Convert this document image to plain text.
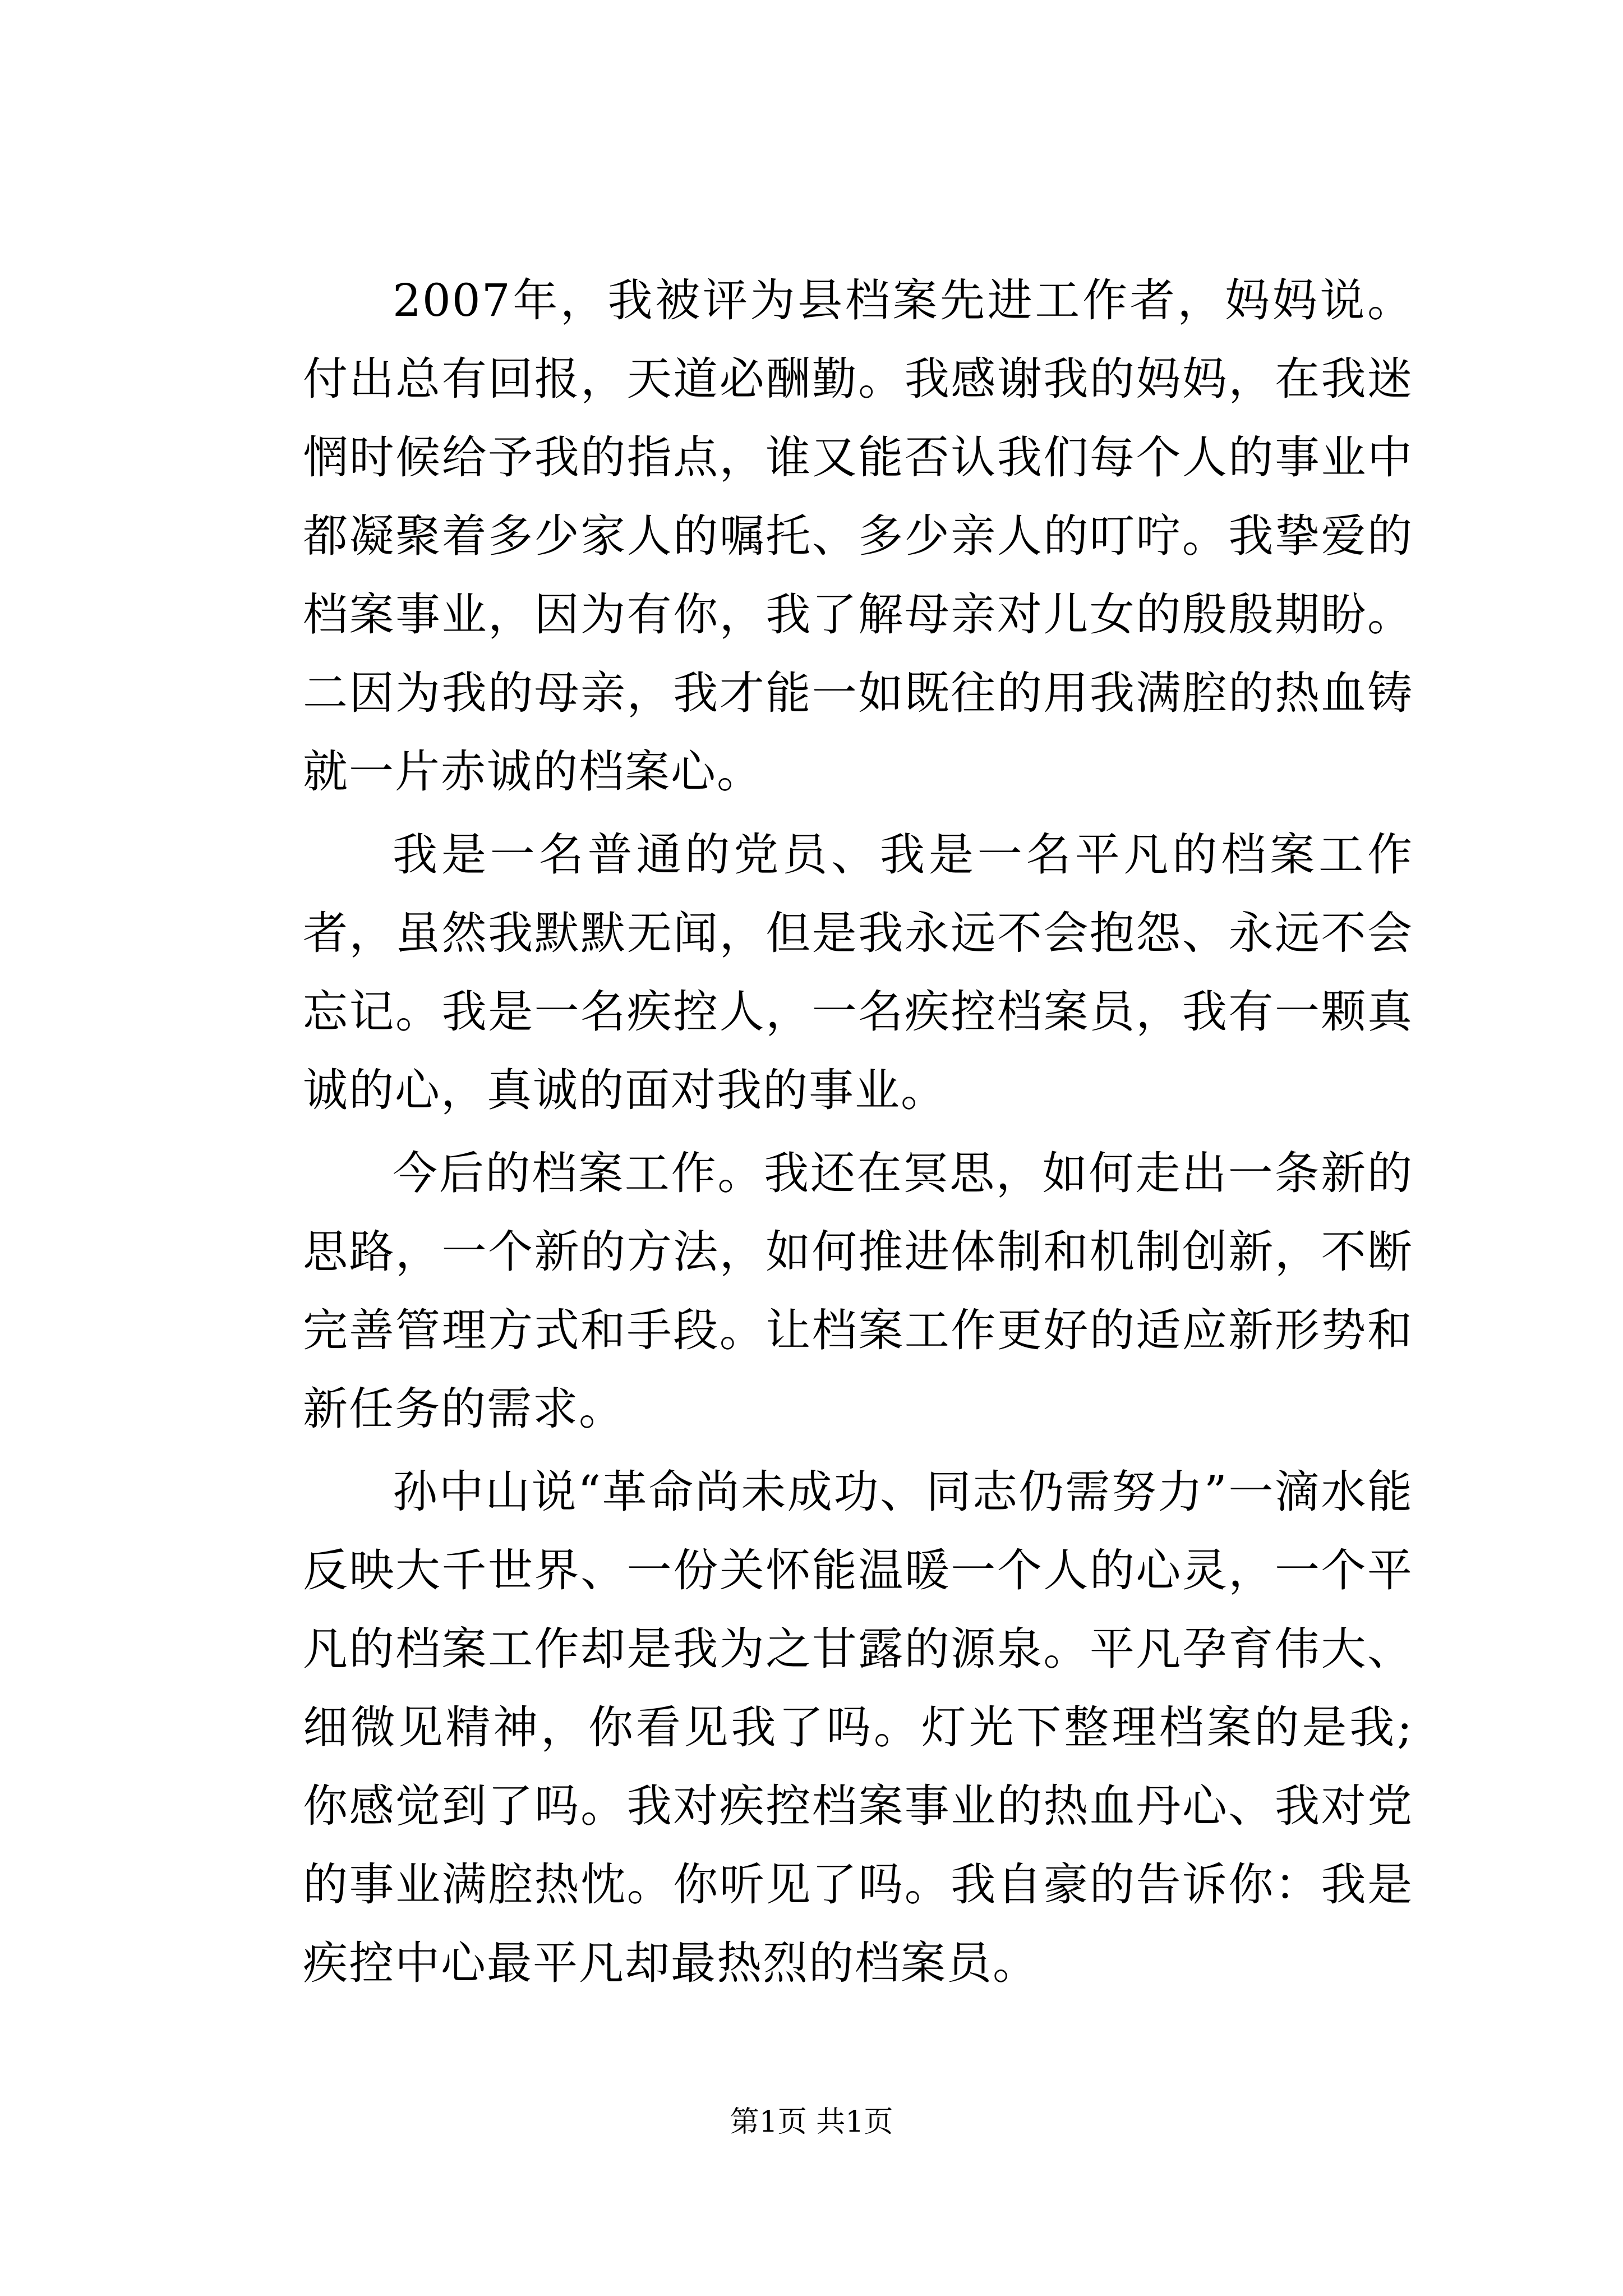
2007年，我被评为县档案先进工作者，妈妈说。付出总有回报，天道必酬勤。我感谢我的妈妈，在我迷惘时候给予我的指点，谁又能否认我们每个人的事业中都凝聚着多少家人的嘱托、多少亲人的叮咛。我挚爱的档案事业，因为有你，我了解母亲对儿女的殷殷期盼。二因为我的母亲，我才能一如既往的用我满腔的热血铸就一片赤诚的档案心。

我是一名普通的党员、我是一名平凡的档案工作者，虽然我默默无闻，但是我永远不会抱怨、永远不会忘记。我是一名疾控人，一名疾控档案员，我有一颗真诚的心，真诚的面对我的事业。

今后的档案工作。我还在冥思，如何走出一条新的思路，一个新的方法，如何推进体制和机制创新，不断完善管理方式和手段。让档案工作更好的适应新形势和新任务的需求。

孙中山说“革命尚未成功、同志仍需努力”一滴水能反映大千世界、一份关怀能温暖一个人的心灵，一个平凡的档案工作却是我为之甘露的源泉。平凡孕育伟大、细微见精神，你看见我了吗。灯光下整理档案的是我;你感觉到了吗。我对疾控档案事业的热血丹心、我对党的事业满腔热忱。你听见了吗。我自豪的告诉你：我是疾控中心最平凡却最热烈的档案员。

第1页 共1页
